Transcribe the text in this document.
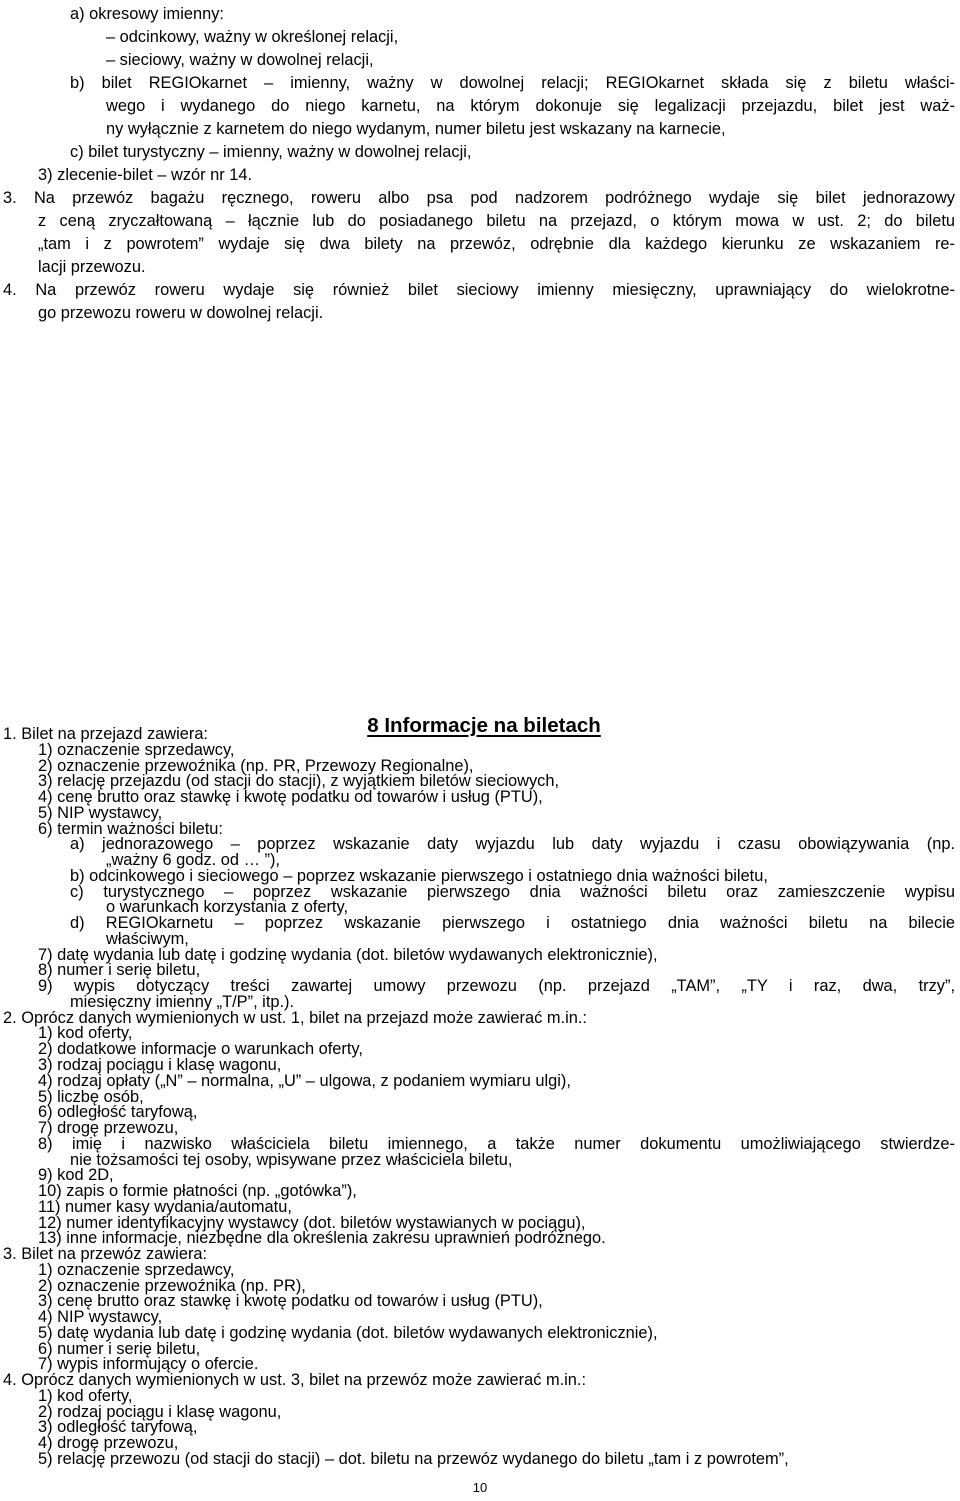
a) okresowy imienny:
– odcinkowy, ważny w określonej relacji,
– sieciowy, ważny w dowolnej relacji,
b) bilet REGIOkarnet – imienny, ważny w dowolnej relacji; REGIOkarnet składa się z biletu właści-
wego i wydanego do niego karnetu, na którym dokonuje się legalizacji przejazdu, bilet jest waż-
ny wyłącznie z karnetem do niego wydanym, numer biletu jest wskazany na karnecie,
c) bilet turystyczny – imienny, ważny w dowolnej relacji,
3) zlecenie-bilet – wzór nr 14.
3. Na przewóz bagażu ręcznego, roweru albo psa pod nadzorem podróżnego wydaje się bilet jednorazowy
z ceną zryczałtowaną – łącznie lub do posiadanego biletu na przejazd, o którym mowa w ust. 2; do biletu
„tam i z powrotem” wydaje się dwa bilety na przewóz, odrębnie dla każdego kierunku ze wskazaniem re-
lacji przewozu.
4. Na przewóz roweru wydaje się również bilet sieciowy imienny miesięczny, uprawniający do wielokrotne-
go przewozu roweru w dowolnej relacji.
8 Informacje na biletach
10
1. Bilet na przejazd zawiera:
1) oznaczenie sprzedawcy,
2) oznaczenie przewoźnika (np. PR, Przewozy Regionalne),
3) relację przejazdu (od stacji do stacji), z wyjątkiem biletów sieciowych,
4) cenę brutto oraz stawkę i kwotę podatku od towarów i usług (PTU),
5) NIP wystawcy,
6) termin ważności biletu:
a) jednorazowego – poprzez wskazanie daty wyjazdu lub daty wyjazdu i czasu obowiązywania (np.
„ważny 6 godz. od … ”),
b) odcinkowego i sieciowego – poprzez wskazanie pierwszego i ostatniego dnia ważności biletu,
c) turystycznego – poprzez wskazanie pierwszego dnia ważności biletu oraz zamieszczenie wypisu
o warunkach korzystania z oferty,
d) REGIOkarnetu – poprzez wskazanie pierwszego i ostatniego dnia ważności biletu na bilecie
właściwym,
7) datę wydania lub datę i godzinę wydania (dot. biletów wydawanych elektronicznie),
8) numer i serię biletu,
9) wypis dotyczący treści zawartej umowy przewozu (np. przejazd „TAM”, „TY i raz, dwa, trzy”,
miesięczny imienny „T/P”, itp.).
2. Oprócz danych wymienionych w ust. 1, bilet na przejazd może zawierać m.in.:
1) kod oferty,
2) dodatkowe informacje o warunkach oferty,
3) rodzaj pociągu i klasę wagonu,
4) rodzaj opłaty („N” – normalna, „U” – ulgowa, z podaniem wymiaru ulgi),
5) liczbę osób,
6) odległość taryfową,
7) drogę przewozu,
8) imię i nazwisko właściciela biletu imiennego, a także numer dokumentu umożliwiającego stwierdze-
nie tożsamości tej osoby, wpisywane przez właściciela biletu,
9) kod 2D,
10) zapis o formie płatności (np. „gotówka”),
11) numer kasy wydania/automatu,
12) numer identyfikacyjny wystawcy (dot. biletów wystawianych w pociągu),
13) inne informacje, niezbędne dla określenia zakresu uprawnień podróżnego.
3. Bilet na przewóz zawiera:
1) oznaczenie sprzedawcy,
2) oznaczenie przewoźnika (np. PR),
3) cenę brutto oraz stawkę i kwotę podatku od towarów i usług (PTU),
4) NIP wystawcy,
5) datę wydania lub datę i godzinę wydania (dot. biletów wydawanych elektronicznie),
6) numer i serię biletu,
7) wypis informujący o ofercie.
4. Oprócz danych wymienionych w ust. 3, bilet na przewóz może zawierać m.in.:
1) kod oferty,
2) rodzaj pociągu i klasę wagonu,
3) odległość taryfową,
4) drogę przewozu,
5) relację przewozu (od stacji do stacji) – dot. biletu na przewóz wydanego do biletu „tam i z powrotem”,
